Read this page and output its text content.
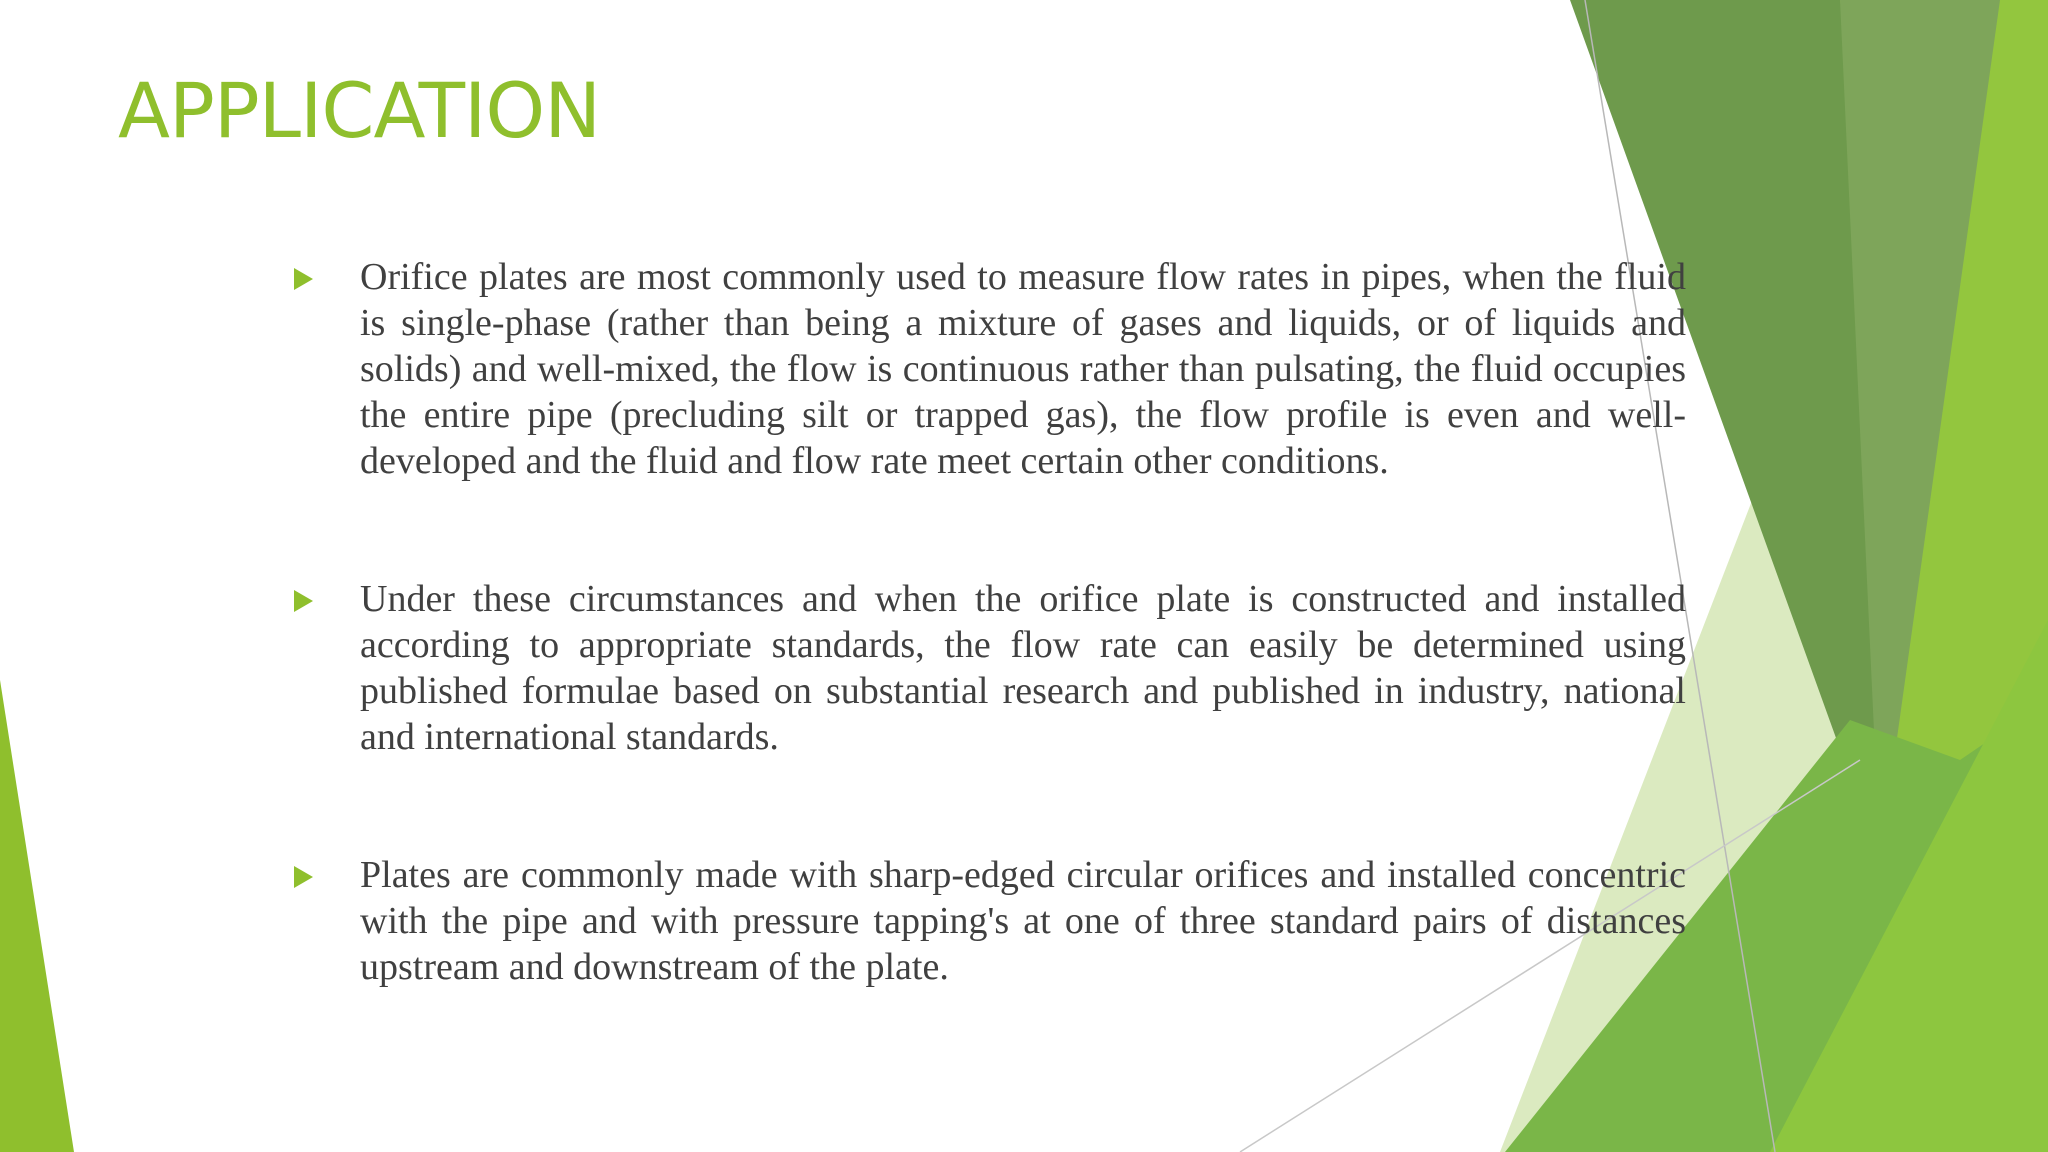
APPLICATION
Orifice plates are most commonly used to measure flow rates in pipes, when the fluid is single-phase (rather than being a mixture of gases and liquids, or of liquids and solids) and well-mixed, the flow is continuous rather than pulsating, the fluid occupies the entire pipe (precluding silt or trapped gas), the flow profile is even and well-developed and the fluid and flow rate meet certain other conditions.
Under these circumstances and when the orifice plate is constructed and installed according to appropriate standards, the flow rate can easily be determined using published formulae based on substantial research and published in industry, national and international standards.
Plates are commonly made with sharp-edged circular orifices and installed concentric with the pipe and with pressure tapping's at one of three standard pairs of distances upstream and downstream of the plate.
